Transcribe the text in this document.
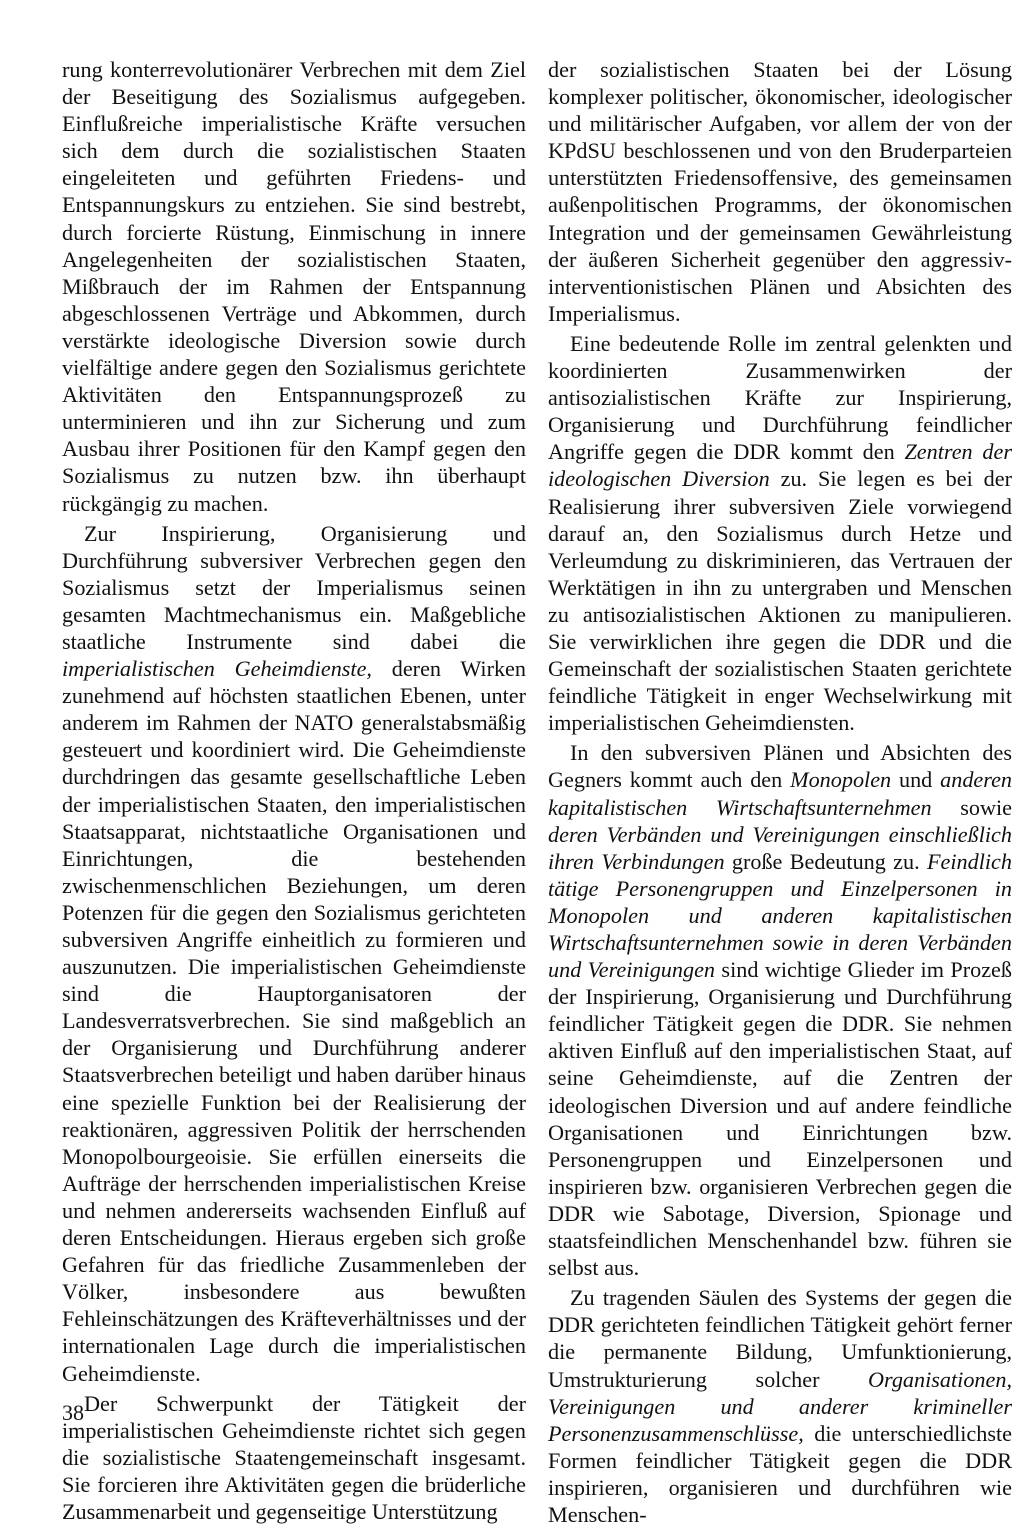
rung konterrevolutionärer Verbrechen mit dem Ziel der Beseitigung des Sozialismus aufgegeben. Einflußreiche imperialistische Kräfte versuchen sich dem durch die sozialistischen Staaten eingeleiteten und geführten Friedens- und Entspannungskurs zu entziehen. Sie sind bestrebt, durch forcierte Rüstung, Einmischung in innere Angelegenheiten der sozialistischen Staaten, Mißbrauch der im Rahmen der Entspannung abgeschlossenen Verträge und Abkommen, durch verstärkte ideologische Diversion sowie durch vielfältige andere gegen den Sozialismus gerichtete Aktivitäten den Entspannungsprozeß zu unterminieren und ihn zur Sicherung und zum Ausbau ihrer Positionen für den Kampf gegen den Sozialismus zu nutzen bzw. ihn überhaupt rückgängig zu machen.

Zur Inspirierung, Organisierung und Durchführung subversiver Verbrechen gegen den Sozialismus setzt der Imperialismus seinen gesamten Machtmechanismus ein. Maßgebliche staatliche Instrumente sind dabei die imperialistischen Geheimdienste, deren Wirken zunehmend auf höchsten staatlichen Ebenen, unter anderem im Rahmen der NATO generalstabsmäßig gesteuert und koordiniert wird. Die Geheimdienste durchdringen das gesamte gesellschaftliche Leben der imperialistischen Staaten, den imperialistischen Staatsapparat, nichtstaatliche Organisationen und Einrichtungen, die bestehenden zwischenmenschlichen Beziehungen, um deren Potenzen für die gegen den Sozialismus gerichteten subversiven Angriffe einheitlich zu formieren und auszunutzen. Die imperialistischen Geheimdienste sind die Hauptorganisatoren der Landesverratsverbrechen. Sie sind maßgeblich an der Organisierung und Durchführung anderer Staatsverbrechen beteiligt und haben darüber hinaus eine spezielle Funktion bei der Realisierung der reaktionären, aggressiven Politik der herrschenden Monopolbourgeoisie. Sie erfüllen einerseits die Aufträge der herrschenden imperialistischen Kreise und nehmen andererseits wachsenden Einfluß auf deren Entscheidungen. Hieraus ergeben sich große Gefahren für das friedliche Zusammenleben der Völker, insbesondere aus bewußten Fehleinschätzungen des Kräfteverhältnisses und der internationalen Lage durch die imperialistischen Geheimdienste.

Der Schwerpunkt der Tätigkeit der imperialistischen Geheimdienste richtet sich gegen die sozialistische Staatengemeinschaft insgesamt. Sie forcieren ihre Aktivitäten gegen die brüderliche Zusammenarbeit und gegenseitige Unterstützung

der sozialistischen Staaten bei der Lösung komplexer politischer, ökonomischer, ideologischer und militärischer Aufgaben, vor allem der von der KPdSU beschlossenen und von den Bruderparteien unterstützten Friedensoffensive, des gemeinsamen außenpolitischen Programms, der ökonomischen Integration und der gemeinsamen Gewährleistung der äußeren Sicherheit gegenüber den aggressiv-interventionistischen Plänen und Absichten des Imperialismus.

Eine bedeutende Rolle im zentral gelenkten und koordinierten Zusammenwirken der antisozialistischen Kräfte zur Inspirierung, Organisierung und Durchführung feindlicher Angriffe gegen die DDR kommt den Zentren der ideologischen Diversion zu. Sie legen es bei der Realisierung ihrer subversiven Ziele vorwiegend darauf an, den Sozialismus durch Hetze und Verleumdung zu diskriminieren, das Vertrauen der Werktätigen in ihn zu untergraben und Menschen zu antisozialistischen Aktionen zu manipulieren. Sie verwirklichen ihre gegen die DDR und die Gemeinschaft der sozialistischen Staaten gerichtete feindliche Tätigkeit in enger Wechselwirkung mit imperialistischen Geheimdiensten.

In den subversiven Plänen und Absichten des Gegners kommt auch den Monopolen und anderen kapitalistischen Wirtschaftsunternehmen sowie deren Verbänden und Vereinigungen einschließlich ihren Verbindungen große Bedeutung zu. Feindlich tätige Personengruppen und Einzelpersonen in Monopolen und anderen kapitalistischen Wirtschaftsunternehmen sowie in deren Verbänden und Vereinigungen sind wichtige Glieder im Prozeß der Inspirierung, Organisierung und Durchführung feindlicher Tätigkeit gegen die DDR. Sie nehmen aktiven Einfluß auf den imperialistischen Staat, auf seine Geheimdienste, auf die Zentren der ideologischen Diversion und auf andere feindliche Organisationen und Einrichtungen bzw. Personengruppen und Einzelpersonen und inspirieren bzw. organisieren Verbrechen gegen die DDR wie Sabotage, Diversion, Spionage und staatsfeindlichen Menschenhandel bzw. führen sie selbst aus.

Zu tragenden Säulen des Systems der gegen die DDR gerichteten feindlichen Tätigkeit gehört ferner die permanente Bildung, Umfunktionierung, Umstrukturierung solcher Organisationen, Vereinigungen und anderer krimineller Personenzusammenschlüsse, die unterschiedlichste Formen feindlicher Tätigkeit gegen die DDR inspirieren, organisieren und durchführen wie Menschen-

38
